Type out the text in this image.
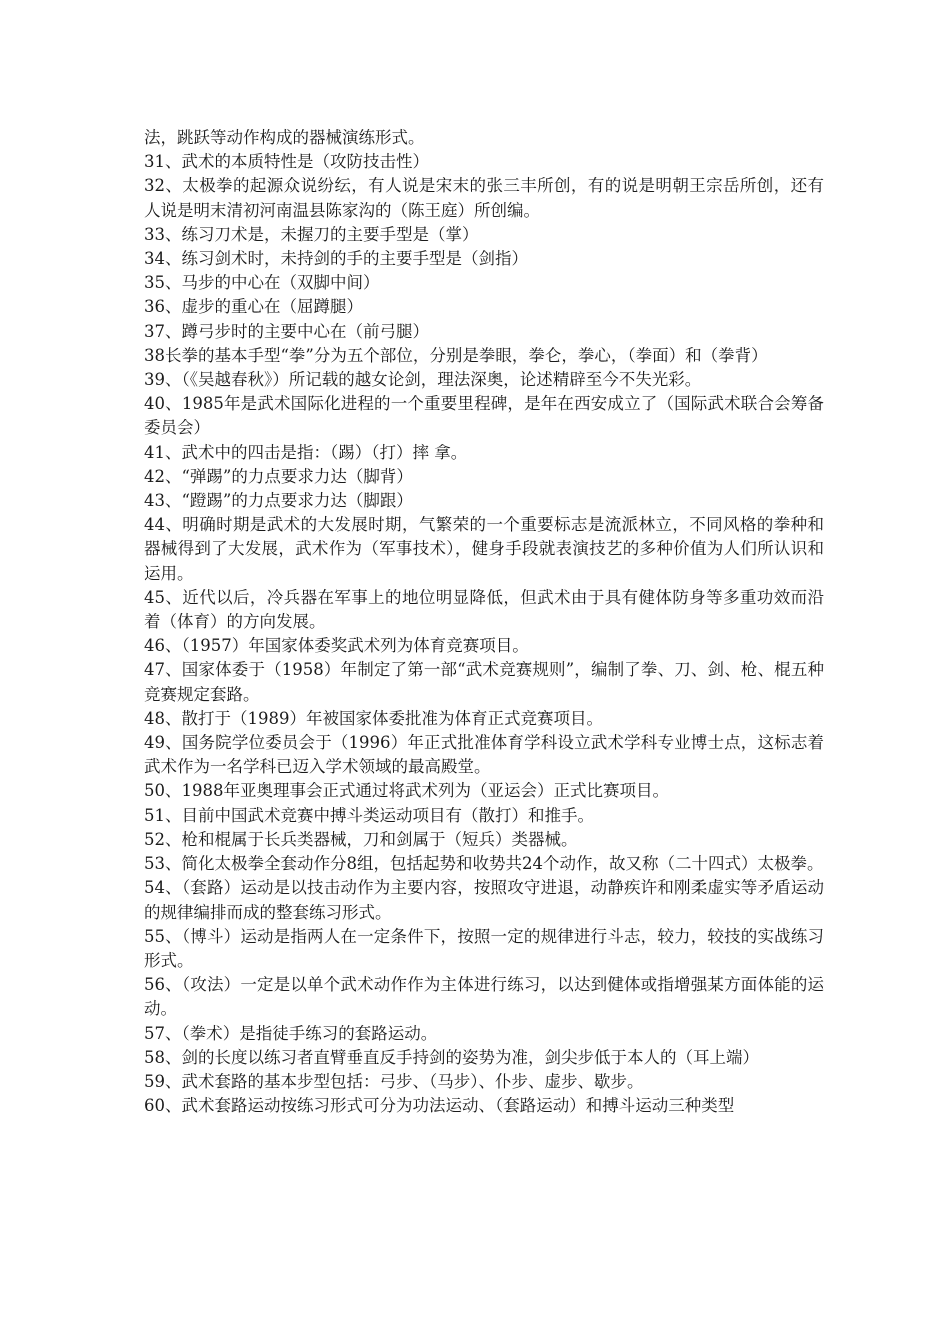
法，跳跃等动作构成的器械演练形式。

31、武术的本质特性是（攻防技击性）

32、太极拳的起源众说纷纭，有人说是宋末的张三丰所创，有的说是明朝王宗岳所创，还有人说是明末清初河南温县陈家沟的（陈王庭）所创编。

33、练习刀术是，未握刀的主要手型是（掌）

34、练习剑术时，未持剑的手的主要手型是（剑指）

35、马步的中心在（双脚中间）

36、虚步的重心在（屈蹲腿）

37、蹲弓步时的主要中心在（前弓腿）

38长拳的基本手型“拳”分为五个部位，分别是拳眼，拳仑，拳心，（拳面）和（拳背）

39、（《吴越春秋》）所记载的越女论剑，理法深奥，论述精辟至今不失光彩。

40、1985年是武术国际化进程的一个重要里程碑，是年在西安成立了（国际武术联合会筹备委员会）

41、武术中的四击是指：（踢）（打）摔 拿。

42、“弹踢”的力点要求力达（脚背）

43、“蹬踢”的力点要求力达（脚跟）

44、明确时期是武术的大发展时期，气繁荣的一个重要标志是流派林立，不同风格的拳种和器械得到了大发展，武术作为（军事技术），健身手段就表演技艺的多种价值为人们所认识和运用。

45、近代以后，冷兵器在军事上的地位明显降低，但武术由于具有健体防身等多重功效而沿着（体育）的方向发展。

46、（1957）年国家体委奖武术列为体育竞赛项目。

47、国家体委于（1958）年制定了第一部“武术竞赛规则”，编制了拳、刀、剑、枪、棍五种竞赛规定套路。

48、散打于（1989）年被国家体委批准为体育正式竞赛项目。

49、国务院学位委员会于（1996）年正式批准体育学科设立武术学科专业博士点，这标志着武术作为一名学科已迈入学术领域的最高殿堂。

50、1988年亚奥理事会正式通过将武术列为（亚运会）正式比赛项目。

51、目前中国武术竞赛中搏斗类运动项目有（散打）和推手。

52、枪和棍属于长兵类器械，刀和剑属于（短兵）类器械。

53、简化太极拳全套动作分8组，包括起势和收势共24个动作，故又称（二十四式）太极拳。

54、（套路）运动是以技击动作为主要内容，按照攻守进退，动静疾许和刚柔虚实等矛盾运动的规律编排而成的整套练习形式。

55、（博斗）运动是指两人在一定条件下，按照一定的规律进行斗志，较力，较技的实战练习形式。

56、（攻法）一定是以单个武术动作作为主体进行练习，以达到健体或指增强某方面体能的运动。

57、（拳术）是指徒手练习的套路运动。

58、剑的长度以练习者直臂垂直反手持剑的姿势为准，剑尖步低于本人的（耳上端）

59、武术套路的基本步型包括：弓步、（马步）、仆步、虚步、歇步。

60、武术套路运动按练习形式可分为功法运动、（套路运动）和搏斗运动三种类型
